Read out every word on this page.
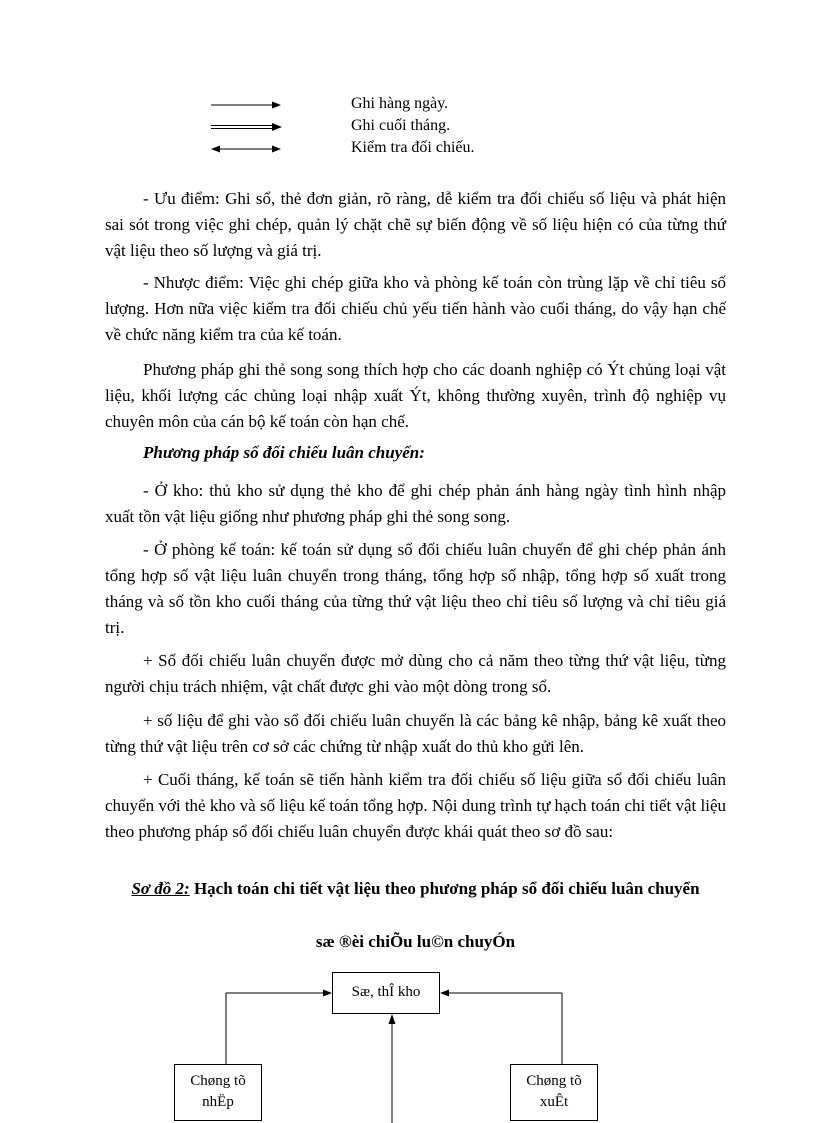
Ghi hàng ngày.
Ghi cuối tháng.
Kiểm tra đối chiếu.

- Ưu điểm: Ghi sổ, thẻ đơn giản, rõ ràng, dễ kiểm tra đối chiếu số liệu và phát hiện sai sót trong việc ghi chép, quản lý chặt chẽ sự biến động về số liệu hiện có của từng thứ vật liệu theo số lượng và giá trị.

- Nhược điểm: Việc ghi chép giữa kho và phòng kế toán còn trùng lặp về chỉ tiêu số lượng. Hơn nữa việc kiểm tra đối chiếu chủ yếu tiến hành vào cuối tháng, do vậy hạn chế về chức năng kiểm tra của kế toán.

Phương pháp ghi thẻ song song thích hợp cho các doanh nghiệp có Ýt chủng loại vật liệu, khối lượng các chủng loại nhập xuất Ýt, không thường xuyên, trình độ nghiệp vụ chuyên môn của cán bộ kế toán còn hạn chế.

Phương pháp sổ đối chiếu luân chuyển:

- Ở kho: thủ kho sử dụng thẻ kho để ghi chép phản ánh hàng ngày tình hình nhập xuất tồn vật liệu giống như phương pháp ghi thẻ song song.

- Ở phòng kế toán: kế toán sử dụng sổ đối chiếu luân chuyển để ghi chép phản ánh tổng hợp số vật liệu luân chuyển trong tháng, tổng hợp số nhập, tổng hợp số xuất trong tháng và số tồn kho cuối tháng của từng thứ vật liệu theo chỉ tiêu số lượng và chỉ tiêu giá trị.

+ Sổ đối chiếu luân chuyển được mở dùng cho cả năm theo từng thứ vật liệu, từng người chịu trách nhiệm, vật chất được ghi vào một dòng trong sổ.

+ số liệu để ghi vào sổ đối chiếu luân chuyển là các bảng kê nhập, bảng kê xuất theo từng thứ vật liệu trên cơ sở các chứng từ nhập xuất do thủ kho gửi lên.

+ Cuối tháng, kế toán sẽ tiến hành kiểm tra đối chiếu số liệu giữa sổ đối chiếu luân chuyển với thẻ kho và số liệu kế toán tổng hợp. Nội dung trình tự hạch toán chi tiết vật liệu theo phương pháp sổ đối chiếu luân chuyển được khái quát theo sơ đồ sau:

Sơ đồ 2: Hạch toán chi tiết vật liệu theo phương pháp sổ đối chiếu luân chuyển
sæ ®èi chiÕu lu©n chuyÓn
Sæ, thÎ kho
Chøng tõ
nhËp
Chøng tõ
xuÊt
